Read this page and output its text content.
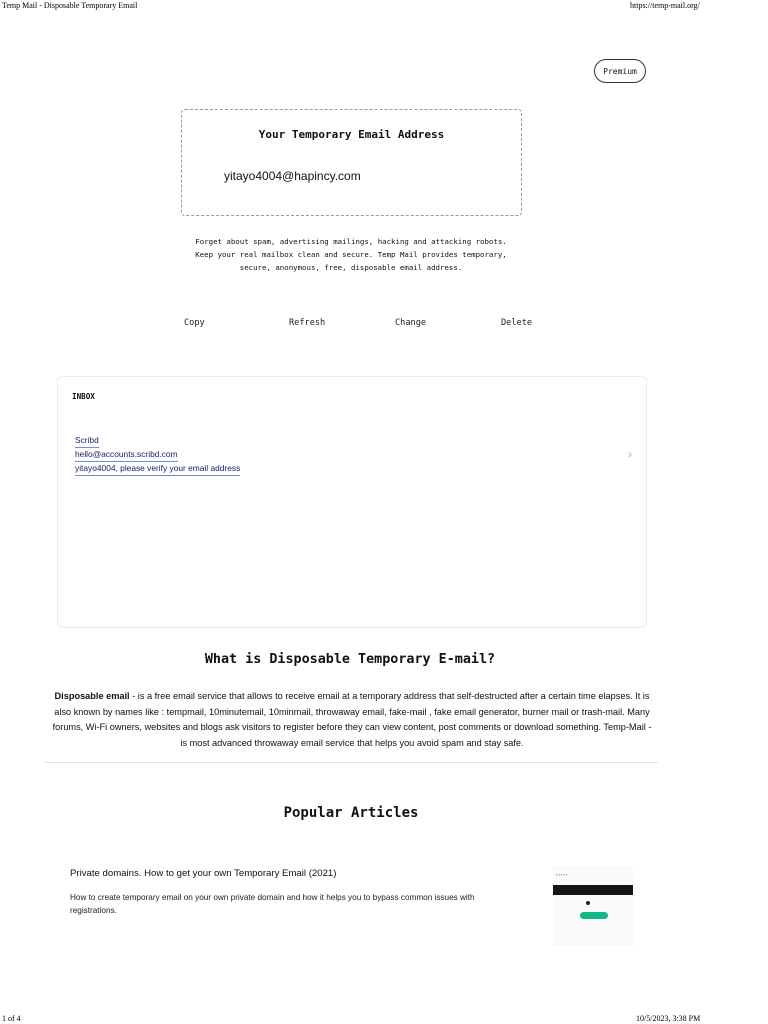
Temp Mail - Disposable Temporary Email	https://temp-mail.org/
Premium
Your Temporary Email Address
yitayo4004@hapincy.com
Forget about spam, advertising mailings, hacking and attacking robots.
Keep your real mailbox clean and secure. Temp Mail provides temporary,
secure, anonymous, free, disposable email address.
Copy	Refresh	Change	Delete
INBOX
Scribd
hello@accounts.scribd.com
yitayo4004, please verify your email address
›
What is Disposable Temporary E-mail?
Disposable email - is a free email service that allows to receive email at a temporary address that self-destructed after a certain time elapses. It is also known by names like : tempmail, 10minutemail, 10minmail, throwaway email, fake-mail , fake email generator, burner mail or trash-mail. Many forums, Wi-Fi owners, websites and blogs ask visitors to register before they can view content, post comments or download something. Temp-Mail - is most advanced throwaway email service that helps you avoid spam and stay safe.
Popular Articles
Private domains. How to get your own Temporary Email (2021)
How to create temporary email on your own private domain and how it helps you to bypass common issues with registrations.
▪ ▪ ▪ ▪ ▪
1 of 4	10/5/2023, 3:38 PM
